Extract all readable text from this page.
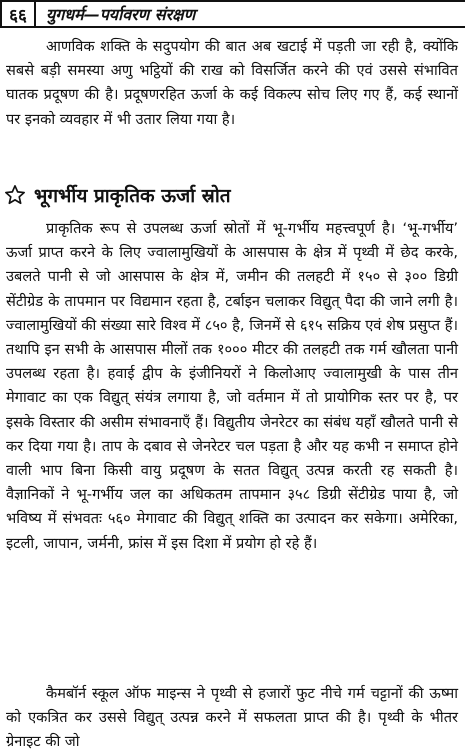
६६	युगधर्म—पर्यावरण संरक्षण

आणविक शक्ति के सदुपयोग की बात अब खटाई में पड़ती जा रही है, क्योंकि सबसे बड़ी समस्या अणु भट्ठियों की राख को विसर्जित करने की एवं उससे संभावित घातक प्रदूषण की है। प्रदूषणरहित ऊर्जा के कई विकल्प सोच लिए गए हैं, कई स्थानों पर इनको व्यवहार में भी उतार लिया गया है।

भूगर्भीय प्राकृतिक ऊर्जा स्रोत

प्राकृतिक रूप से उपलब्ध ऊर्जा स्रोतों में भू-गर्भीय महत्त्वपूर्ण है। ‘भू-गर्भीय’ ऊर्जा प्राप्त करने के लिए ज्वालामुखियों के आसपास के क्षेत्र में पृथ्वी में छेद करके, उबलते पानी से जो आसपास के क्षेत्र में, जमीन की तलहटी में १५० से ३०० डिग्री सेंटीग्रेड के तापमान पर विद्यमान रहता है, टर्बाइन चलाकर विद्युत् पैदा की जाने लगी है। ज्वालामुखियों की संख्या सारे विश्व में ८५० है, जिनमें से ६१५ सक्रिय एवं शेष प्रसुप्त हैं। तथापि इन सभी के आसपास मीलों तक १००० मीटर की तलहटी तक गर्म खौलता पानी उपलब्ध रहता है। हवाई द्वीप के इंजीनियरों ने किलोआए ज्वालामुखी के पास तीन मेगावाट का एक विद्युत् संयंत्र लगाया है, जो वर्तमान में तो प्रायोगिक स्तर पर है, पर इसके विस्तार की असीम संभावनाएँ हैं। विद्युतीय जेनरेटर का संबंध यहाँ खौलते पानी से कर दिया गया है। ताप के दबाव से जेनरेटर चल पड़ता है और यह कभी न समाप्त होने वाली भाप बिना किसी वायु प्रदूषण के सतत विद्युत् उत्पन्न करती रह सकती है। वैज्ञानिकों ने भू-गर्भीय जल का अधिकतम तापमान ३५८ डिग्री सेंटीग्रेड पाया है, जो भविष्य में संभवतः ५६० मेगावाट की विद्युत् शक्ति का उत्पादन कर सकेगा। अमेरिका, इटली, जापान, जर्मनी, फ्रांस में इस दिशा में प्रयोग हो रहे हैं।

कैमबॉर्न स्कूल ऑफ माइन्स ने पृथ्वी से हजारों फुट नीचे गर्म चट्टानों की ऊष्मा को एकत्रित कर उससे विद्युत् उत्पन्न करने में सफलता प्राप्त की है। पृथ्वी के भीतर ग्रेनाइट की जो
